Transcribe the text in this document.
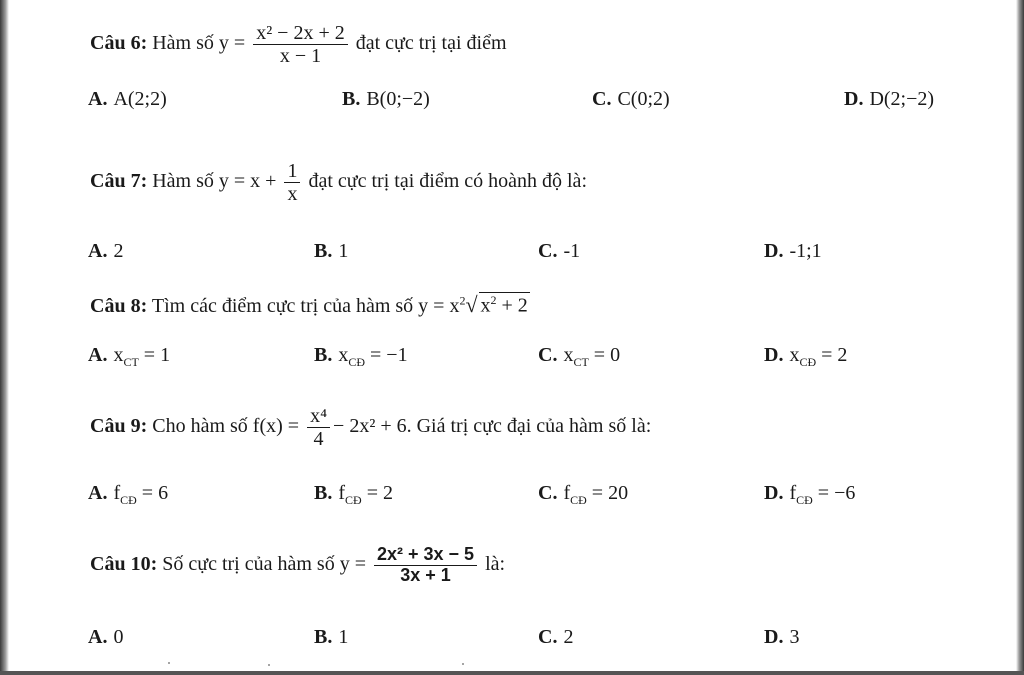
Câu 6: Hàm số $y = \frac{\text{x² − 2x + 2}}{x - 1}$ đạt cực trị tại điểm
A. A(2;2)	B. B(0;−2)	C. C(0;2)	D. D(2;−2)
Câu 7: Hàm số $y = x + \frac{1}{x}$ đạt cực trị tại điểm có hoành độ là:
A. 2	B. 1	C. -1	D. -1;1
Câu 8: Tìm các điểm cực trị của hàm số $y = x^2√$ $x^2 + 2$
A. $x_{CT} = 1$	B. $x_{CĐ} = -1$	C. $x_{CT} = 0$	D. $x_{CĐ} = 2$
Câu 9: Cho hàm số $f(x) = \frac{\text{x⁴}}{4} - 2x^2 + 6$. Giá trị cực đại của hàm số là:
A. $f_{CĐ} = 6$	B. $f_{CĐ} = 2$	C. $f_{CĐ} = 20$	D. $f_{CĐ} = -6$
Câu 10: Số cực trị của hàm số $y = \frac{\text{2x² + 3x − 5}}{3x + 1}$ là:
A. 0	B. 1	C. 2	D. 3
